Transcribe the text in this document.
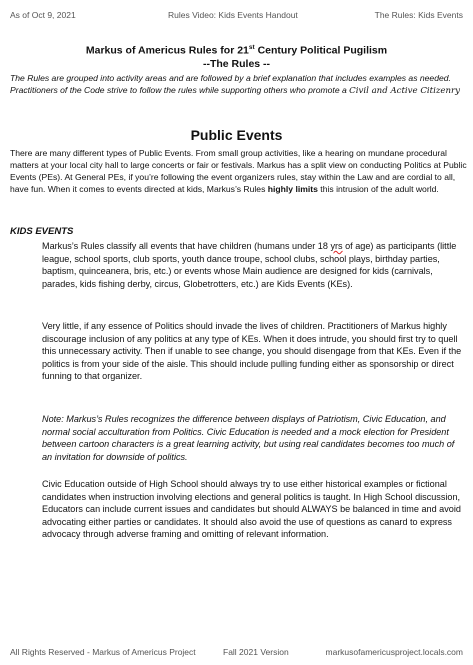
As of Oct 9, 2021	Rules Video: Kids Events Handout	The Rules: Kids Events
Markus of Americus Rules for 21st Century Political Pugilism
--The Rules --
The Rules are grouped into activity areas and are followed by a brief explanation that includes examples as needed. Practitioners of the Code strive to follow the rules while supporting others who promote a Civil and Active Citizenry
Public Events
There are many different types of Public Events. From small group activities, like a hearing on mundane procedural matters at your local city hall to large concerts or fair or festivals. Markus has a split view on conducting Politics at Public Events (PEs). At General PEs, if you’re following the event organizers rules, stay within the Law and are cordial to all, have fun. When it comes to events directed at kids, Markus’s Rules highly limits this intrusion of the adult world.
KIDS EVENTS
Markus’s Rules classify all events that have children (humans under 18 yrs of age) as participants (little league, school sports, club sports, youth dance troupe, school clubs, school plays, birthday parties, baptism, quinceanera, bris, etc.) or events whose Main audience are designed for kids (carnivals, parades, kids fishing derby, circus, Globetrotters, etc.) are Kids Events (KEs).
Very little, if any essence of Politics should invade the lives of children. Practitioners of Markus highly discourage inclusion of any politics at any type of KEs. When it does intrude, you should first try to quell this unnecessary activity. Then if unable to see change, you should disengage from that KEs. Even if the politics is from your side of the aisle. This should include pulling funding either as sponsorship or direct funning to that organizer.
Note: Markus’s Rules recognizes the difference between displays of Patriotism, Civic Education, and normal social acculturation from Politics. Civic Education is needed and a mock election for President between cartoon characters is a great learning activity, but using real candidates becomes too much of an invitation for downside of politics.
Civic Education outside of High School should always try to use either historical examples or fictional candidates when instruction involving elections and general politics is taught. In High School discussion, Educators can include current issues and candidates but should ALWAYS be balanced in time and avoid advocating either parties or candidates. It should also avoid the use of questions as canard to express advocacy through adverse framing and omitting of relevant information.
All Rights Reserved - Markus of Americus Project	Fall 2021 Version	markusofamericusproject.locals.com
